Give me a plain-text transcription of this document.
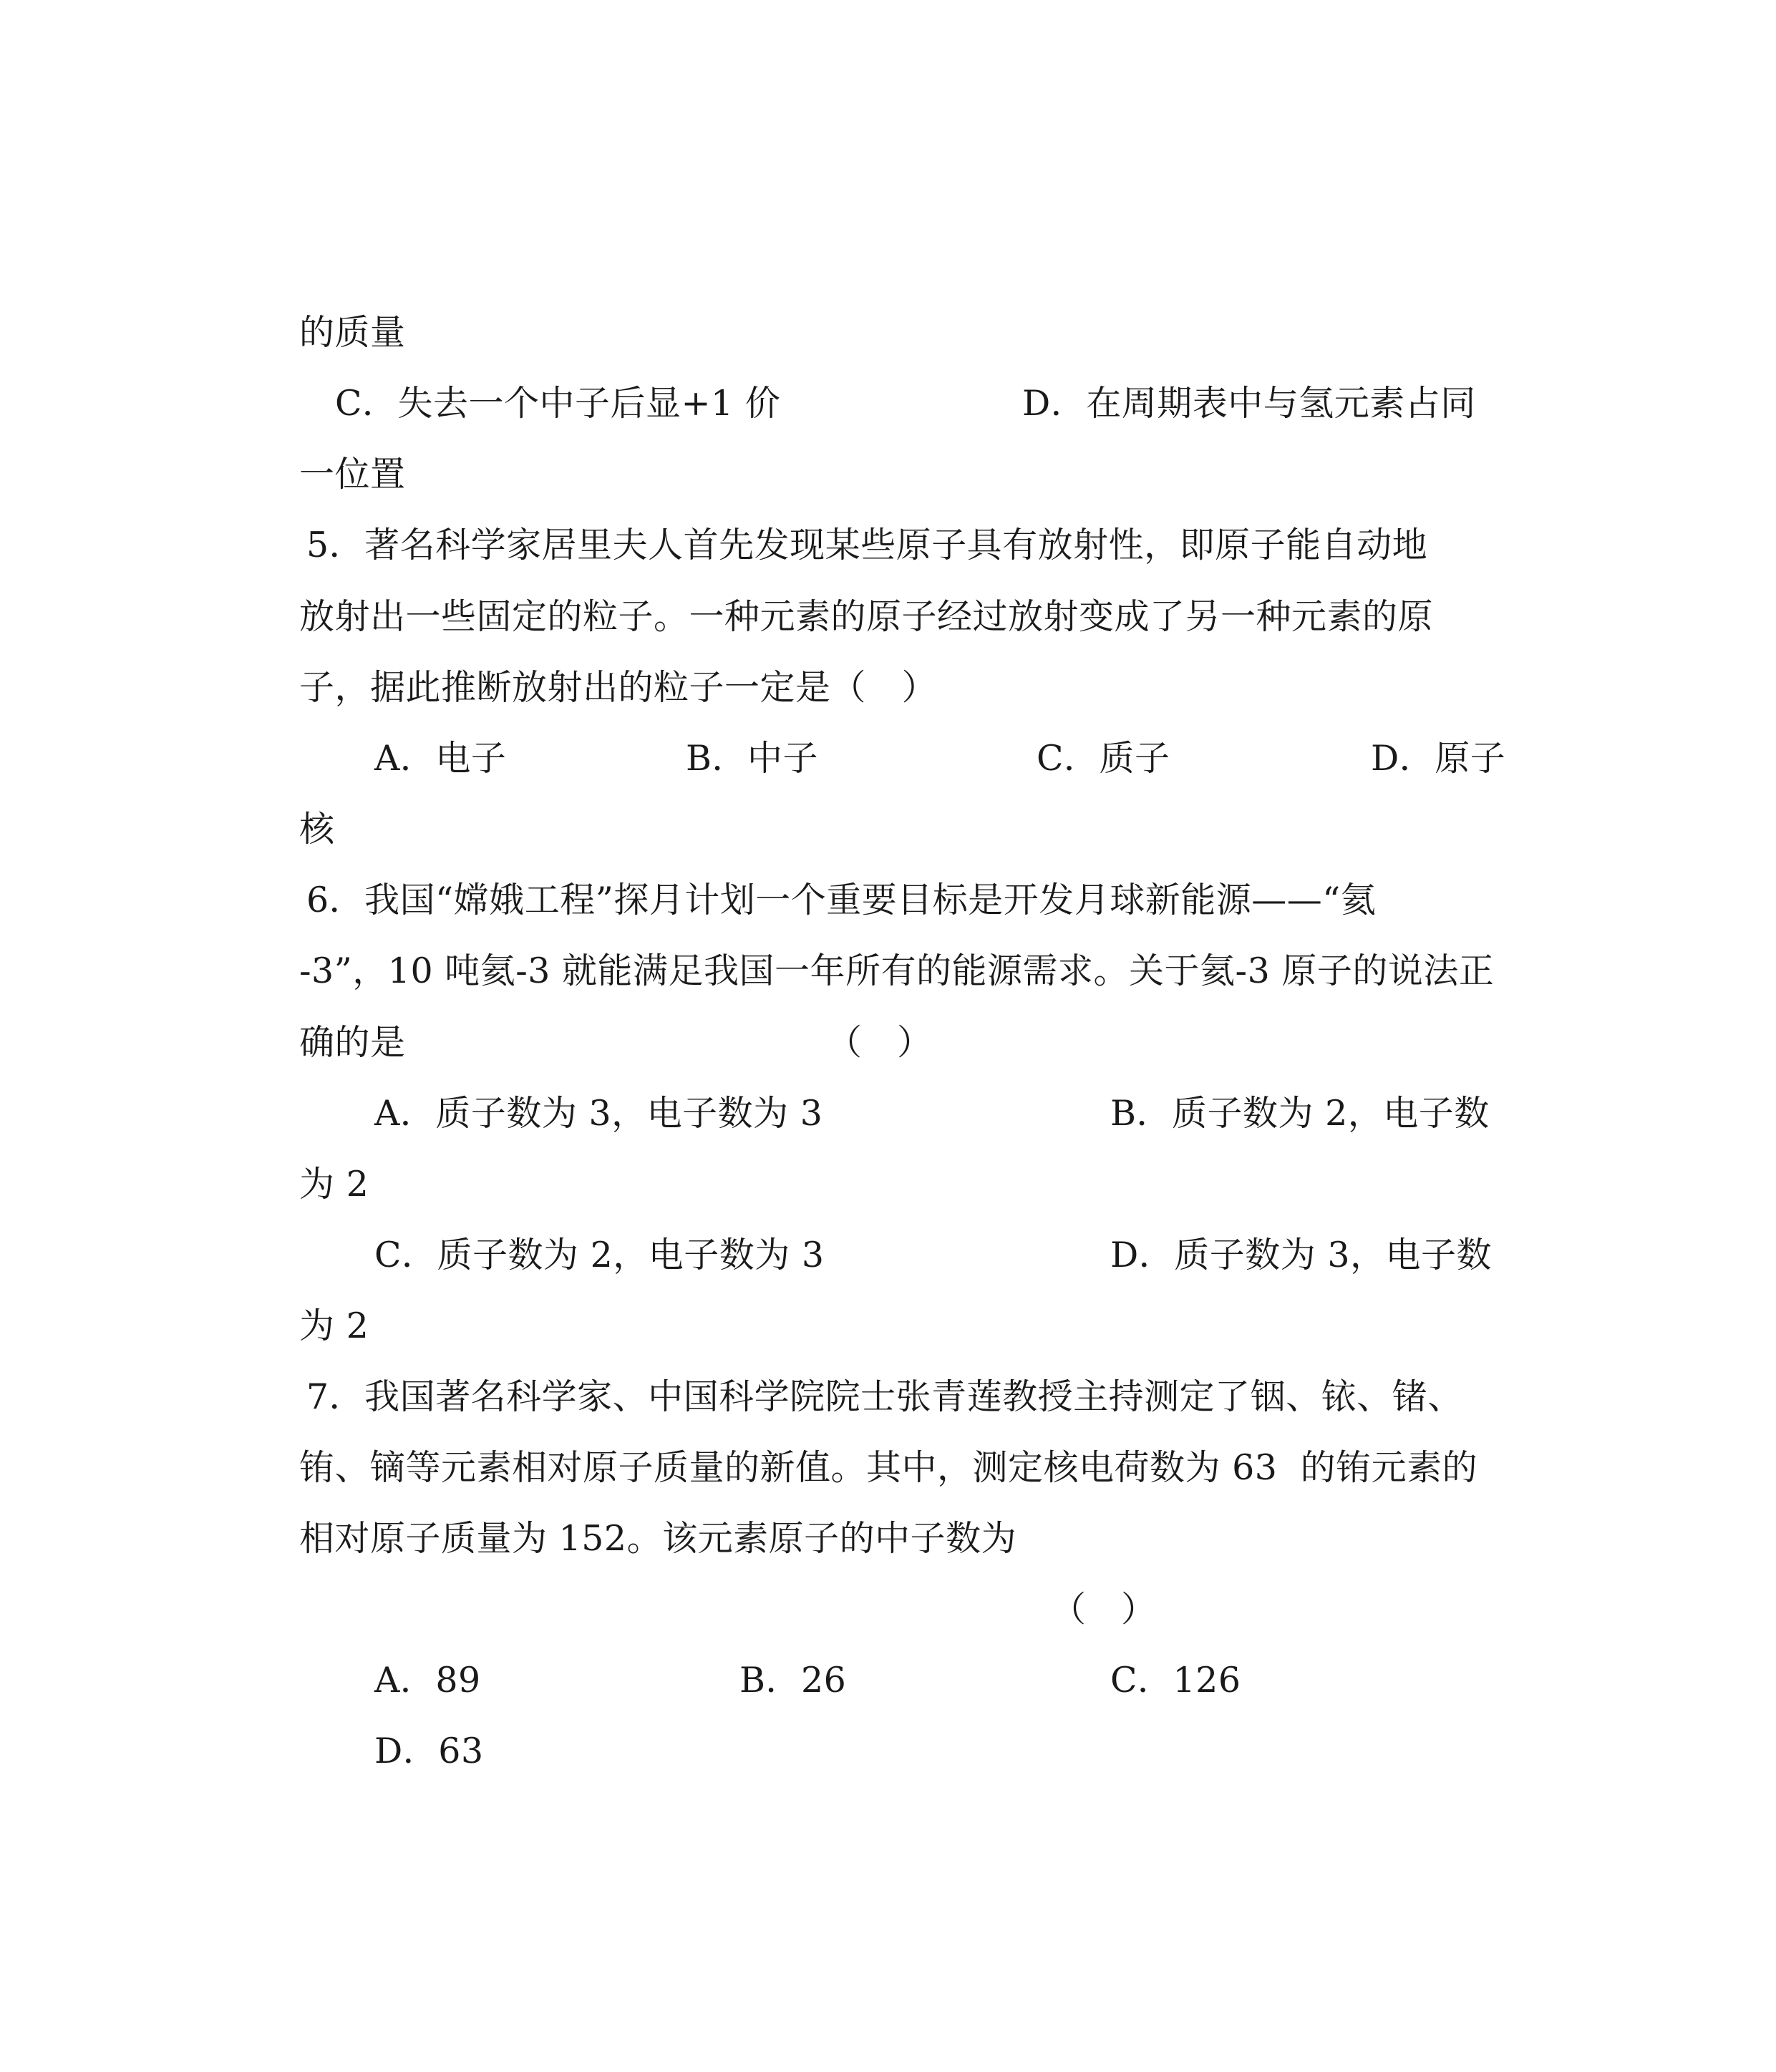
的质量
C．失去一个中子后显+1 价	D．在周期表中与氢元素占同
一位置
5．著名科学家居里夫人首先发现某些原子具有放射性，即原子能自动地
放射出一些固定的粒子。一种元素的原子经过放射变成了另一种元素的原
子，据此推断放射出的粒子一定是（　）
A．电子	B．中子	C．质子	D．原子
核
6．我国“嫦娥工程”探月计划一个重要目标是开发月球新能源——“氦
-3”，10 吨氦-3 就能满足我国一年所有的能源需求。关于氦-3 原子的说法正
确的是	（　）
A．质子数为 3，电子数为 3	B．质子数为 2，电子数
为 2
C．质子数为 2，电子数为 3	D．质子数为 3，电子数
为 2
7．我国著名科学家、中国科学院院士张青莲教授主持测定了铟、铱、锗、
铕、镝等元素相对原子质量的新值。其中，测定核电荷数为 63  的铕元素的
相对原子质量为 152。该元素原子的中子数为
（　）
A．89	B．26	C．126
D．63
